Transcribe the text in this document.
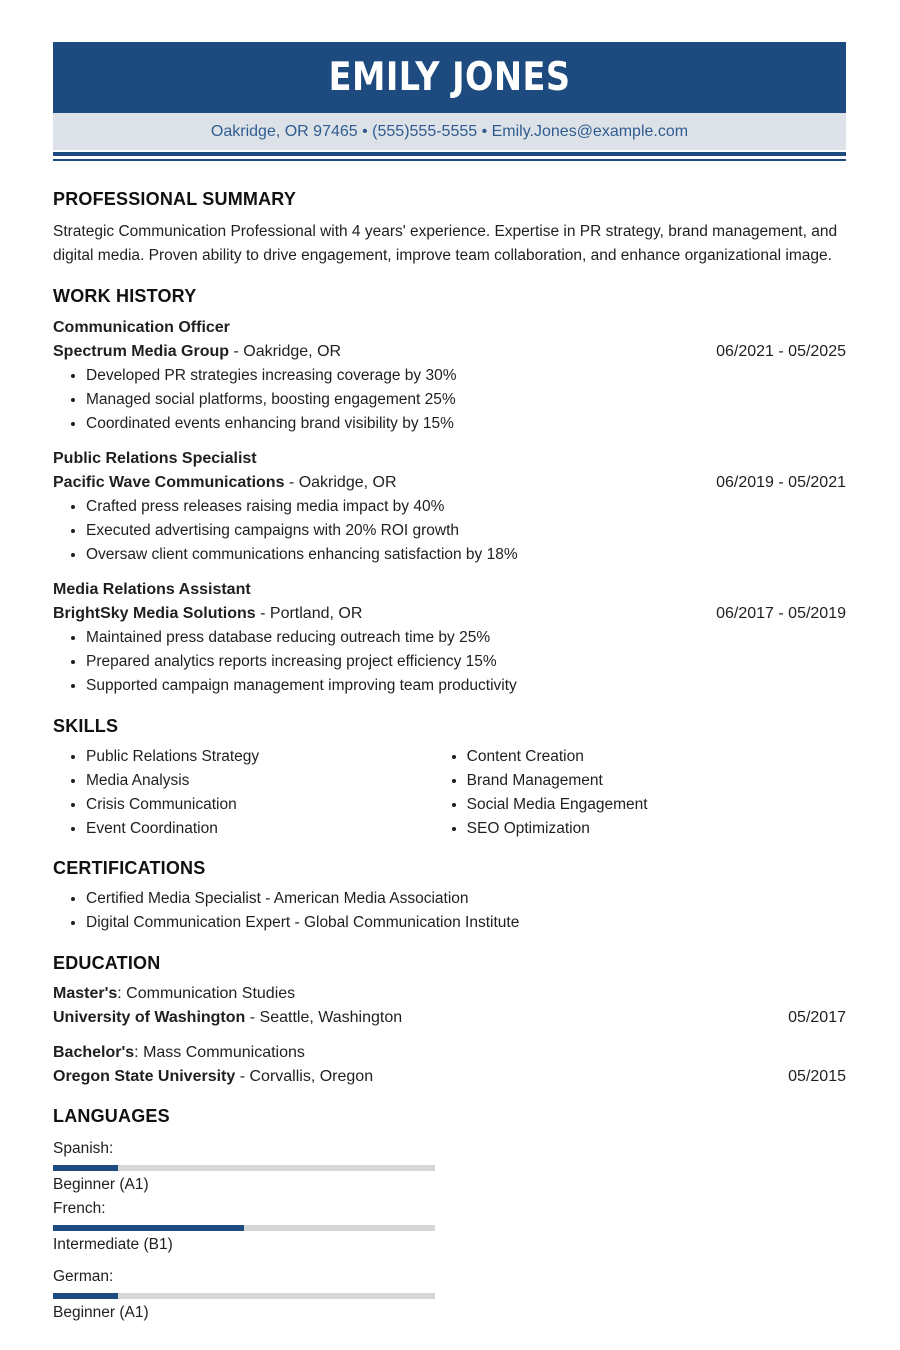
EMILY JONES
Oakridge, OR 97465 • (555)555-5555 • Emily.Jones@example.com
PROFESSIONAL SUMMARY
Strategic Communication Professional with 4 years' experience. Expertise in PR strategy, brand management, and digital media. Proven ability to drive engagement, improve team collaboration, and enhance organizational image.
WORK HISTORY
Communication Officer
Spectrum Media Group - Oakridge, OR	06/2021 - 05/2025
• Developed PR strategies increasing coverage by 30%
• Managed social platforms, boosting engagement 25%
• Coordinated events enhancing brand visibility by 15%
Public Relations Specialist
Pacific Wave Communications - Oakridge, OR	06/2019 - 05/2021
• Crafted press releases raising media impact by 40%
• Executed advertising campaigns with 20% ROI growth
• Oversaw client communications enhancing satisfaction by 18%
Media Relations Assistant
BrightSky Media Solutions - Portland, OR	06/2017 - 05/2019
• Maintained press database reducing outreach time by 25%
• Prepared analytics reports increasing project efficiency 15%
• Supported campaign management improving team productivity
SKILLS
• Public Relations Strategy
• Media Analysis
• Crisis Communication
• Event Coordination
• Content Creation
• Brand Management
• Social Media Engagement
• SEO Optimization
CERTIFICATIONS
• Certified Media Specialist - American Media Association
• Digital Communication Expert - Global Communication Institute
EDUCATION
Master's: Communication Studies
University of Washington - Seattle, Washington	05/2017
Bachelor's: Mass Communications
Oregon State University - Corvallis, Oregon	05/2015
LANGUAGES
Spanish:
Beginner (A1)
French:
Intermediate (B1)
German:
Beginner (A1)
